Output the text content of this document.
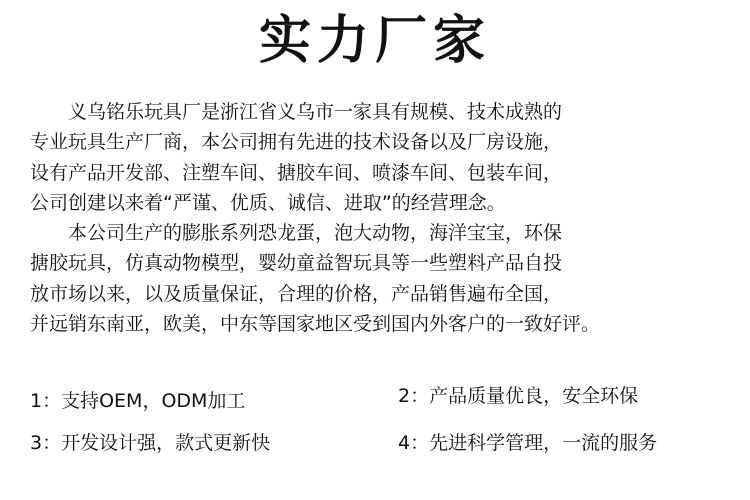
实力厂家
义乌铭乐玩具厂是浙江省义乌市一家具有规模、技术成熟的
专业玩具生产厂商，本公司拥有先进的技术设备以及厂房设施，
设有产品开发部、注塑车间、搪胶车间、喷漆车间、包装车间，
公司创建以来着“严谨、优质、诚信、进取”的经营理念。
本公司生产的膨胀系列恐龙蛋，泡大动物，海洋宝宝，环保
搪胶玩具，仿真动物模型，婴幼童益智玩具等一些塑料产品自投
放市场以来，以及质量保证，合理的价格，产品销售遍布全国，
并远销东南亚，欧美，中东等国家地区受到国内外客户的一致好评。
1：支持OEM，ODM加工	2：产品质量优良，安全环保
3：开发设计强，款式更新快	4：先进科学管理，一流的服务
